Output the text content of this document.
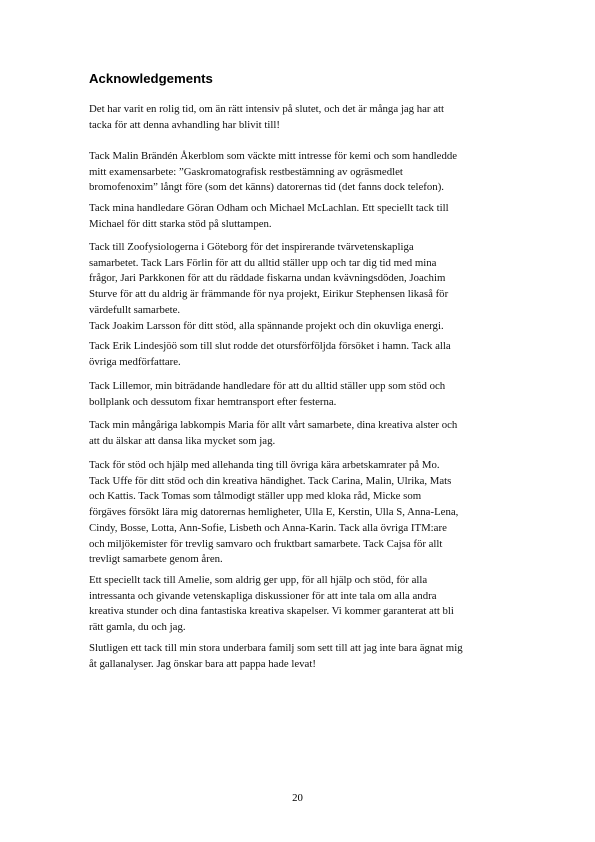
Acknowledgements

Det har varit en rolig tid, om än rätt intensiv på slutet, och det är många jag har att
tacka för att denna avhandling har blivit till!

Tack Malin Brändén Åkerblom som väckte mitt intresse för kemi och som handledde
mitt examensarbete: ”Gaskromatografisk restbestämning av ogräsmedlet
bromofenoxim” långt före (som det känns) datorernas tid (det fanns dock telefon).

Tack mina handledare Göran Odham och Michael McLachlan. Ett speciellt tack till
Michael för ditt starka stöd på sluttampen.

Tack till Zoofysiologerna i Göteborg för det inspirerande tvärvetenskapliga
samarbetet. Tack Lars Förlin för att du alltid ställer upp och tar dig tid med mina
frågor, Jari Parkkonen för att du räddade fiskarna undan kvävningsdöden, Joachim
Sturve för att du aldrig är främmande för nya projekt, Eirikur Stephensen likaså för
värdefullt samarbete.
Tack Joakim Larsson för ditt stöd, alla spännande projekt och din okuvliga energi.

Tack Erik Lindesjöö som till slut rodde det otursförföljda försöket i hamn. Tack alla
övriga medförfattare.

Tack Lillemor, min biträdande handledare för att du alltid ställer upp som stöd och
bollplank och dessutom fixar hemtransport efter festerna.

Tack min mångåriga labkompis Maria för allt vårt samarbete, dina kreativa alster och
att du älskar att dansa lika mycket som jag.

Tack för stöd och hjälp med allehanda ting till övriga kära arbetskamrater på Mo.
Tack Uffe för ditt stöd och din kreativa händighet. Tack Carina, Malin, Ulrika, Mats
och Kattis. Tack Tomas som tålmodigt ställer upp med kloka råd, Micke som
förgäves försökt lära mig datorernas hemligheter, Ulla E, Kerstin, Ulla S, Anna-Lena,
Cindy, Bosse, Lotta, Ann-Sofie, Lisbeth och Anna-Karin. Tack alla övriga ITM:are
och miljökemister för trevlig samvaro och fruktbart samarbete. Tack Cajsa för allt
trevligt samarbete genom åren.

Ett speciellt tack till Amelie, som aldrig ger upp, för all hjälp och stöd, för alla
intressanta och givande vetenskapliga diskussioner för att inte tala om alla andra
kreativa stunder och dina fantastiska kreativa skapelser. Vi kommer garanterat att bli
rätt gamla, du och jag.

Slutligen ett tack till min stora underbara familj som sett till att jag inte bara ägnat mig
åt gallanalyser. Jag önskar bara att pappa hade levat!

20
